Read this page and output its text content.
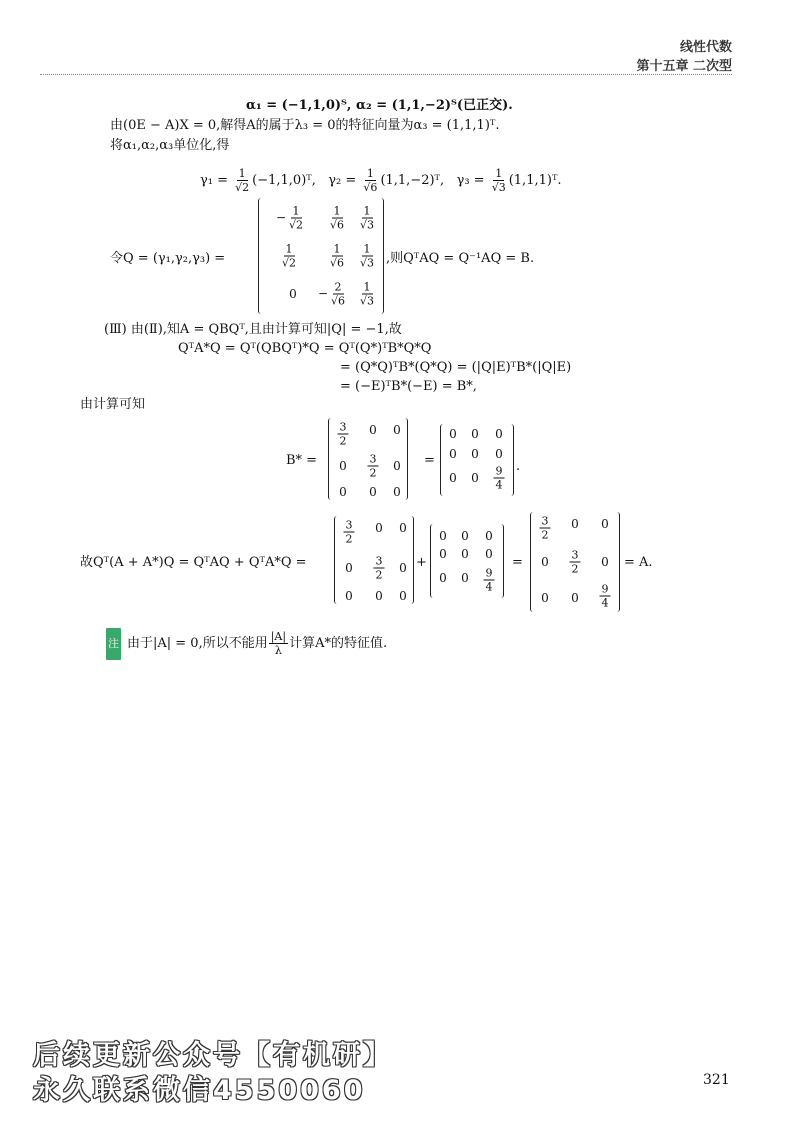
线性代数
第十五章 二次型
α₁ = (−1,1,0)ᵀ, α₂ = (1,1,−2)ᵀ(已正交).
由(0E − A)X = 0,解得A的属于λ₃ = 0的特征向量为α₃ = (1,1,1)ᵀ.
将α₁,α₂,α₃单位化,得
$\gamma_1 = \frac{1}{√2}$ (−1,1,0)ᵀ, $\gamma_2 = \frac{1}{√6}$ (1,1,−2)ᵀ, $\gamma_3 = \frac{1}{√3}$ (1,1,1)ᵀ.
令Q = (γ₁,γ₂,γ₃) =
− $\frac{1}{√2} \frac{1}{√6} \frac{1}{√3}$
$\frac{1}{√2}$	$\frac{1}{√6} \frac{1}{√3}$
$0 - \frac{2}{√6} \frac{1}{√3}$
,则QᵀAQ = Q⁻¹AQ = B.
(Ⅲ) 由(Ⅱ),知A = QBQᵀ,且由计算可知|Q| = −1,故
QᵀA*Q = Qᵀ(QBQᵀ)*Q = Qᵀ(Q*)ᵀB*Q*Q
= (Q*Q)ᵀB*(Q*Q) = (|Q|E)ᵀB*(|Q|E)
= (−E)ᵀB*(−E) = B*,
由计算可知
B* =
$\frac{3}{2} 0$ 0
$0 \frac{3}{2} 0$
0 0 0
=
0 0 0
0 0 0
0 $0 \frac{9}{4}$ .
故Qᵀ(A + A*)Q = QᵀAQ + QᵀA*Q =
$\frac{3}{2} 0$ 0
$0 \frac{3}{2} 0$
0 0 0
+
0 0 0
0 0 0
0 $0 \frac{9}{4}$
=
$\frac{3}{2} 0$ 0
$0 \frac{3}{2} 0$
0 $0 \frac{9}{4}$
= A.
注 由于|A| = 0,所以不能用 $\frac{|A|}{\lambda}$ 计算A*的特征值.
321
后续更新公众号【有机研】
永久联系微信4550060
